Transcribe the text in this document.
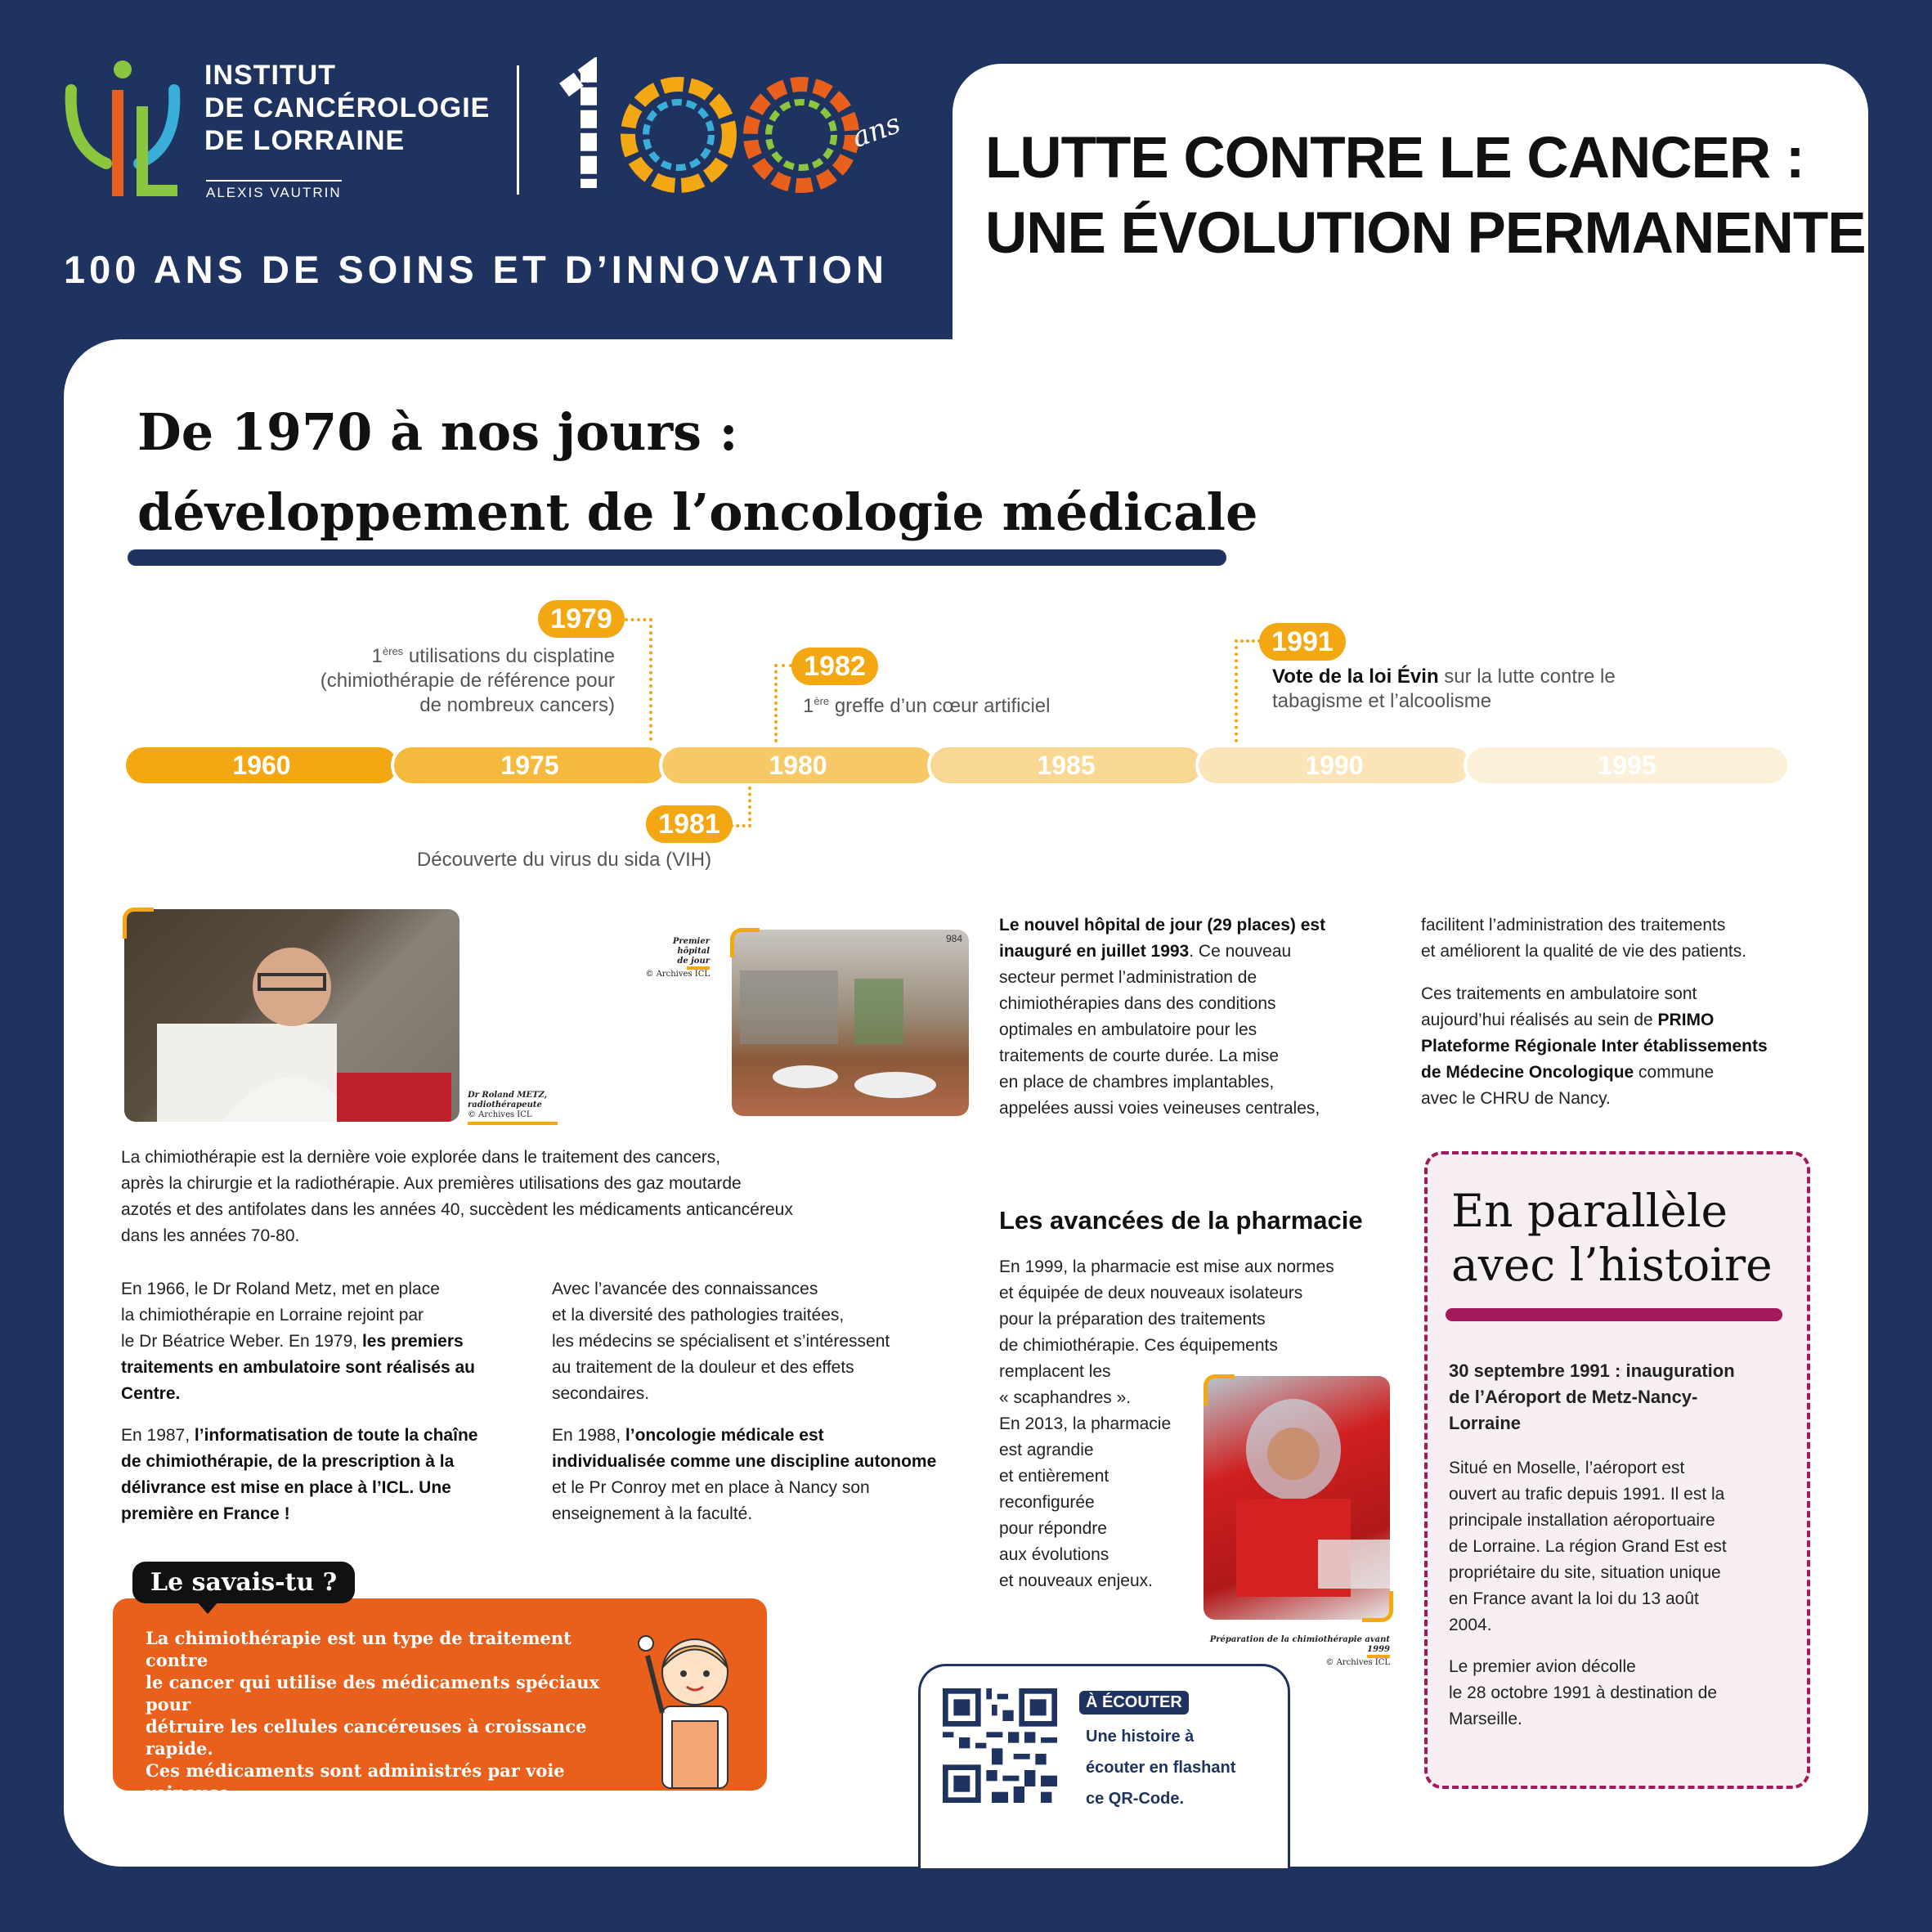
INSTITUT
DE CANCÉROLOGIE
DE LORRAINE
ALEXIS VAUTRIN
ans
100 ANS DE SOINS ET D’INNOVATION
LUTTE CONTRE LE CANCER : UNE ÉVOLUTION PERMANENTE
De 1970 à nos jours :
développement de l’oncologie médicale
1960	1975	1980	1985	1990	1995
1979
1ères utilisations du cisplatine
(chimiothérapie de référence pour
de nombreux cancers)
1982
1ère greffe d’un cœur artificiel
1981
Découverte du virus du sida (VIH)
1991
Vote de la loi Évin sur la lutte contre le
tabagisme et l’alcoolisme
Dr Roland METZ,
radiothérapeute
© Archives ICL
Premier hôpital
de jour
© Archives ICL
984
La chimiothérapie est la dernière voie explorée dans le traitement des cancers,
après la chirurgie et la radiothérapie. Aux premières utilisations des gaz moutarde
azotés et des antifolates dans les années 40, succèdent les médicaments anticancéreux
dans les années 70-80.
En 1966, le Dr Roland Metz, met en place
la chimiothérapie en Lorraine rejoint par
le Dr Béatrice Weber. En 1979, les premiers
traitements en ambulatoire sont réalisés au
Centre.
En 1987, l’informatisation de toute la chaîne
de chimiothérapie, de la prescription à la
délivrance est mise en place à l’ICL. Une
première en France !
Avec l’avancée des connaissances
et la diversité des pathologies traitées,
les médecins se spécialisent et s’intéressent
au traitement de la douleur et des effets
secondaires.
En 1988, l’oncologie médicale est
individualisée comme une discipline autonome
et le Pr Conroy met en place à Nancy son
enseignement à la faculté.
Le nouvel hôpital de jour (29 places) est
inauguré en juillet 1993. Ce nouveau
secteur permet l’administration de
chimiothérapies dans des conditions
optimales en ambulatoire pour les
traitements de courte durée. La mise
en place de chambres implantables,
appelées aussi voies veineuses centrales,
facilitent l’administration des traitements
et améliorent la qualité de vie des patients.
Ces traitements en ambulatoire sont
aujourd’hui réalisés au sein de PRIMO
Plateforme Régionale Inter établissements
de Médecine Oncologique commune
avec le CHRU de Nancy.
Les avancées de la pharmacie
En 1999, la pharmacie est mise aux normes
et équipée de deux nouveaux isolateurs
pour la préparation des traitements
de chimiothérapie. Ces équipements
remplacent les
« scaphandres ».
En 2013, la pharmacie
est agrandie
et entièrement
reconfigurée
pour répondre
aux évolutions
et nouveaux enjeux.
Préparation de la chimiothérapie avant 1999
© Archives ICL
Le savais-tu ?
La chimiothérapie est un type de traitement contre
le cancer qui utilise des médicaments spéciaux pour
détruire les cellules cancéreuses à croissance rapide.
Ces médicaments sont administrés par voie veineuse
ou orale pour être transportés jusqu’aux cellules
cancéreuses n’importe où dans le corps.
À ÉCOUTER
Une histoire à
écouter en flashant
ce QR-Code.
En parallèle
avec l’histoire
30 septembre 1991 : inauguration
de l’Aéroport de Metz-Nancy-
Lorraine
Situé en Moselle, l’aéroport est
ouvert au trafic depuis 1991. Il est la
principale installation aéroportuaire
de Lorraine. La région Grand Est est
propriétaire du site, situation unique
en France avant la loi du 13 août
2004.
Le premier avion décolle
le 28 octobre 1991 à destination de
Marseille.
